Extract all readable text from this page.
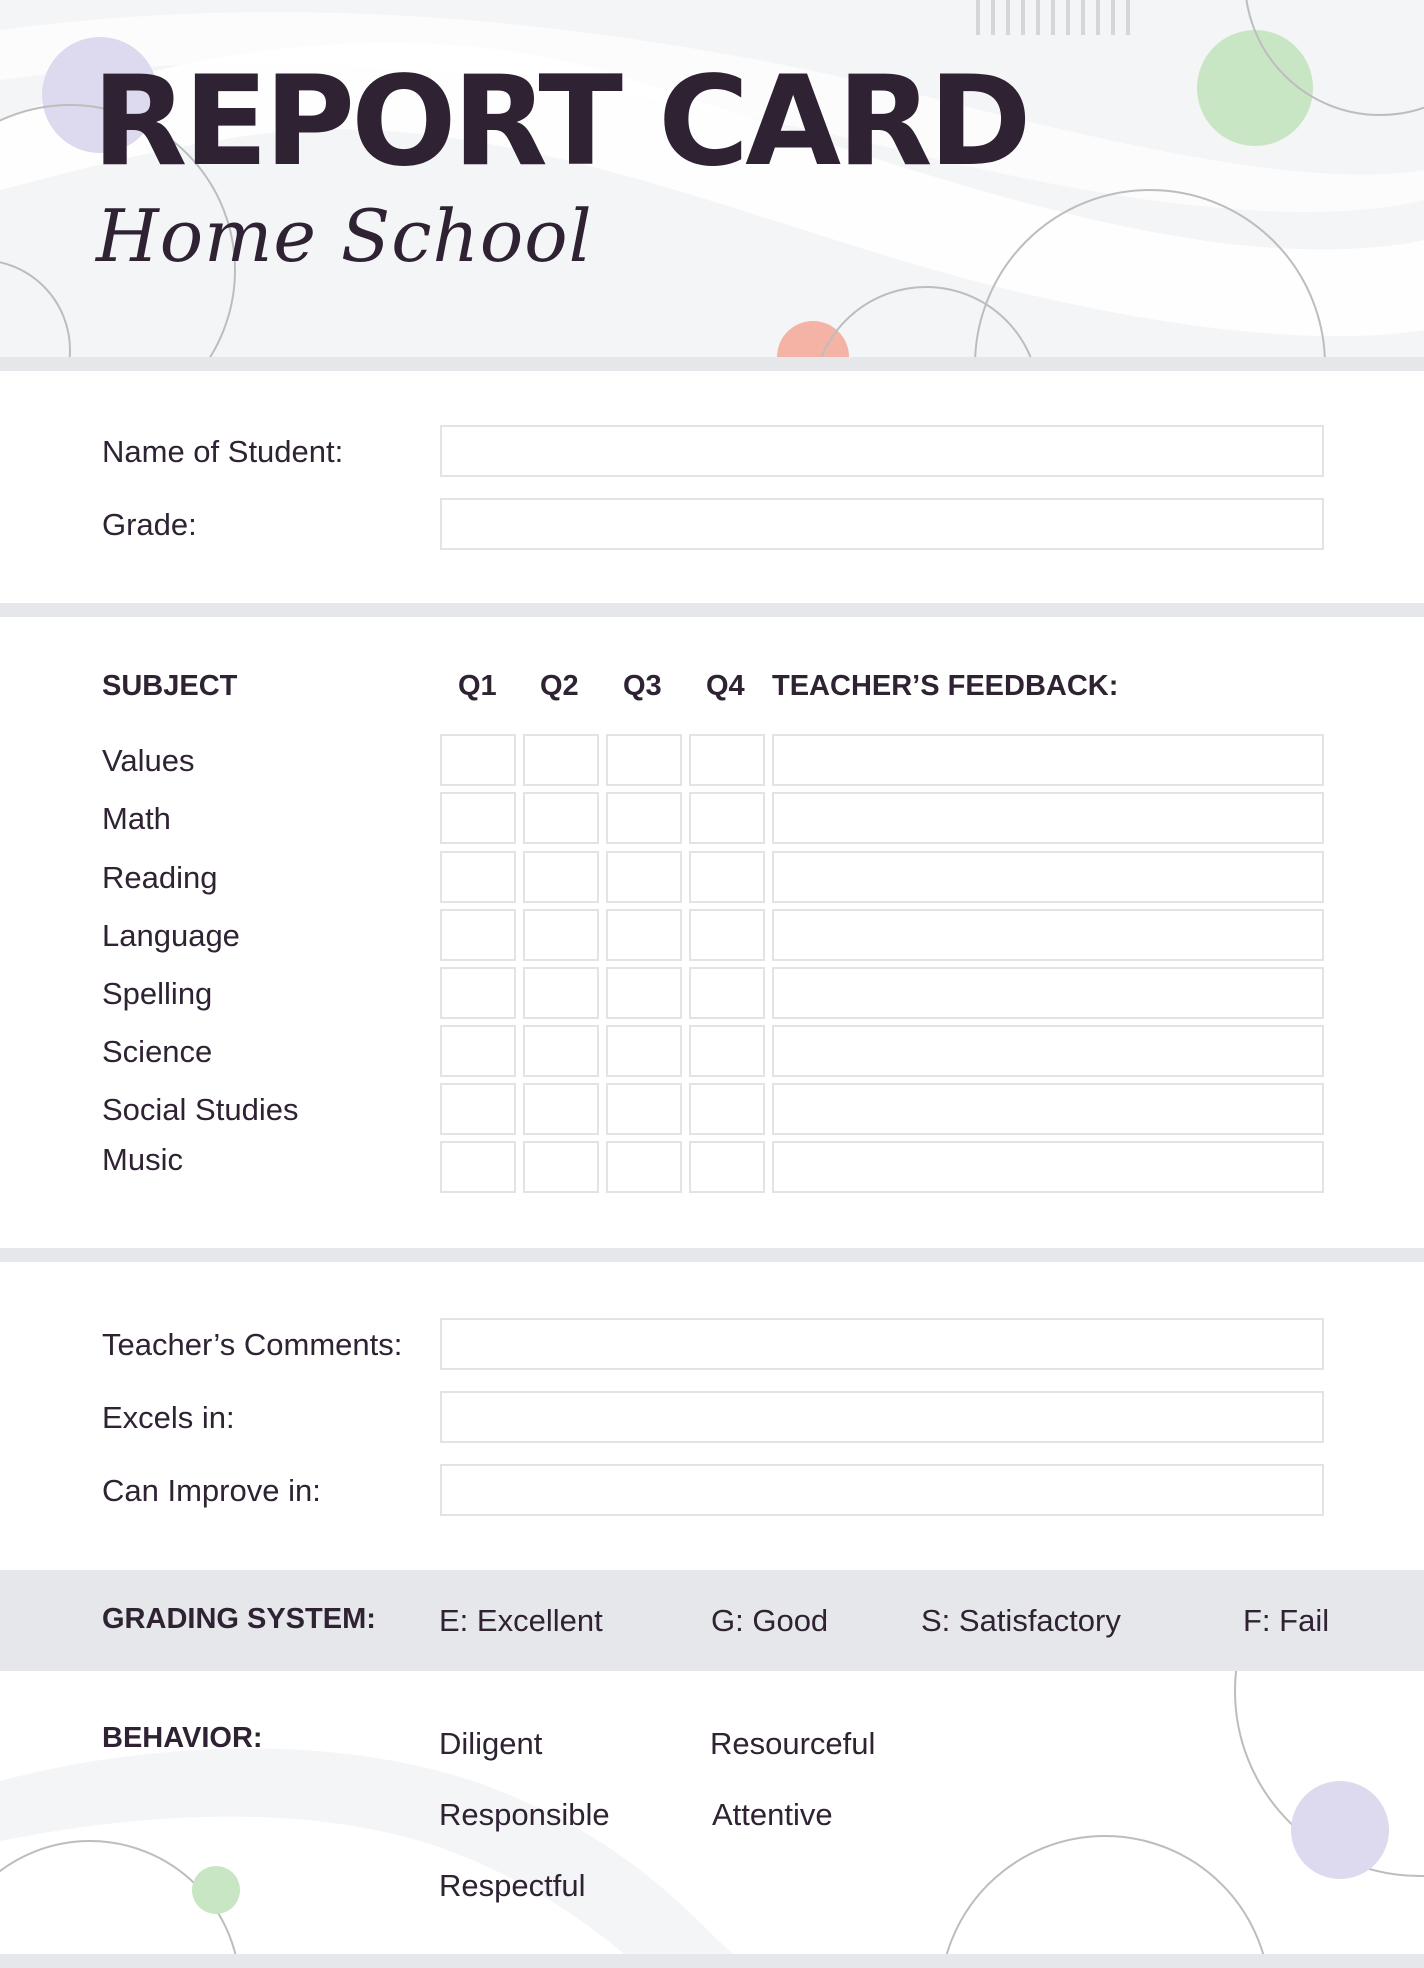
REPORT CARD
Home School
Name of Student:
Grade:
SUBJECT	Q1 Q2 Q3 Q4 TEACHER’S FEEDBACK:
Values
Math
Reading
Language
Spelling
Science
Social Studies
Music
Teacher’s Comments:
Excels in:
Can Improve in:
GRADING SYSTEM: E: Excellent	G: Good	S: Satisfactory	F: Fail
BEHAVIOR:	Diligent	Resourceful
Responsible	Attentive
Respectful
